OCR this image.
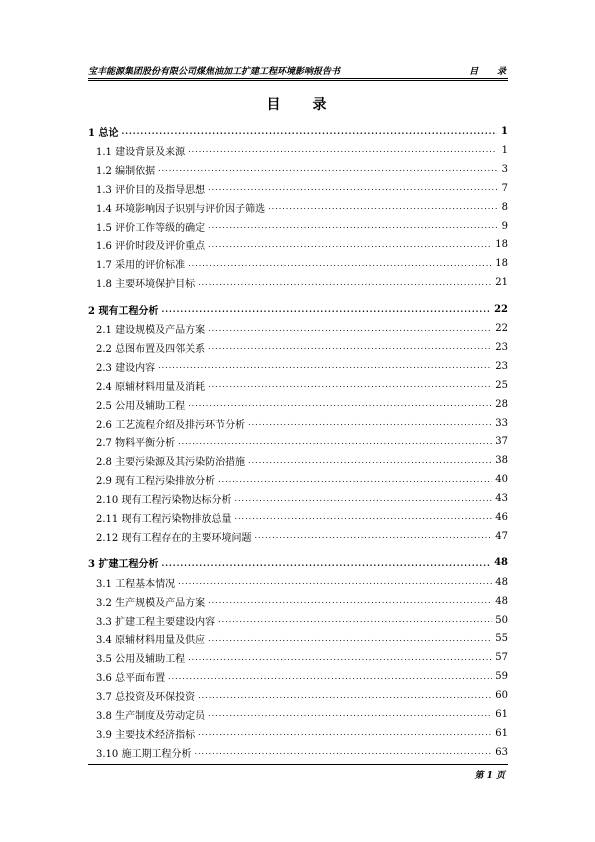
宝丰能源集团股份有限公司煤焦油加工扩建工程环境影响报告书	目 录
目 录
1 总论 .....	1
1.1 建设背景及来源 .....	1
1.2 编制依据 .....	3
1.3 评价目的及指导思想 .....	7
1.4 环境影响因子识别与评价因子筛选 .....	8
1.5 评价工作等级的确定 .....	9
1.6 评价时段及评价重点 .....	18
1.7 采用的评价标准 .....	18
1.8 主要环境保护目标 .....	21
2 现有工程分析 .....	22
2.1 建设规模及产品方案 .....	22
2.2 总图布置及四邻关系 .....	23
2.3 建设内容 .....	23
2.4 原辅材料用量及消耗 .....	25
2.5 公用及辅助工程 .....	28
2.6 工艺流程介绍及排污环节分析 .....	33
2.7 物料平衡分析 .....	37
2.8 主要污染源及其污染防治措施 .....	38
2.9 现有工程污染排放分析 .....	40
2.10 现有工程污染物达标分析 .....	43
2.11 现有工程污染物排放总量 .....	46
2.12 现有工程存在的主要环境问题 .....	47
3 扩建工程分析 .....	48
3.1 工程基本情况 .....	48
3.2 生产规模及产品方案 .....	48
3.3 扩建工程主要建设内容 .....	50
3.4 原辅材料用量及供应 .....	55
3.5 公用及辅助工程 .....	57
3.6 总平面布置 .....	59
3.7 总投资及环保投资 .....	60
3.8 生产制度及劳动定员 .....	61
3.9 主要技术经济指标 .....	61
3.10 施工期工程分析 .....	63
第 1 页
